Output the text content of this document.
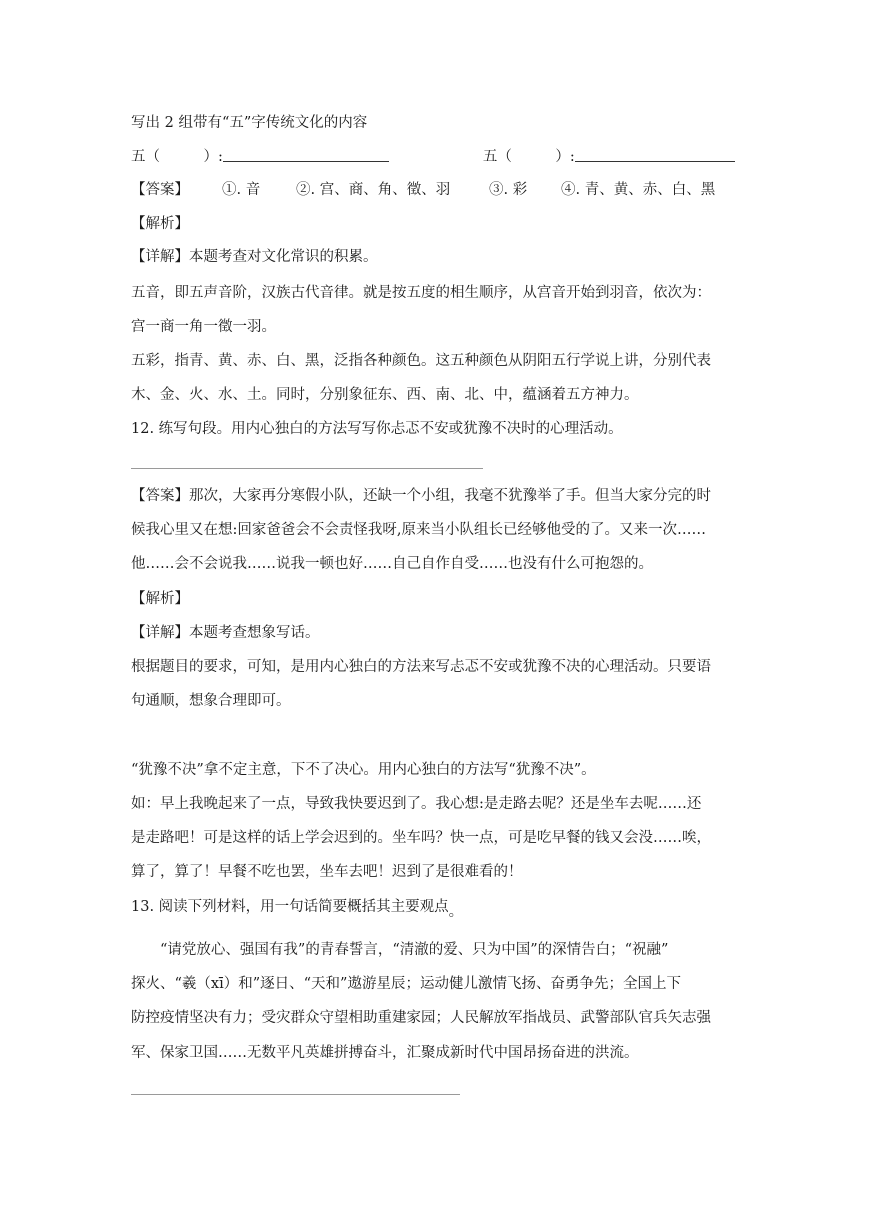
写出 2 组带有“五”字传统文化的内容
五（　　　）:	五（　　　）:
【答案】	①. 音	②. 宫、商、角、徵、羽	③. 彩	④. 青、黄、赤、白、黑
【解析】
【详解】本题考查对文化常识的积累。
五音，即五声音阶，汉族古代音律。就是按五度的相生顺序，从宫音开始到羽音，依次为：
宫一商一角一徵一羽。
五彩，指青、黄、赤、白、黑，泛指各种颜色。这五种颜色从阴阳五行学说上讲，分别代表
木、金、火、水、土。同时，分别象征东、西、南、北、中，蕴涵着五方神力。
12. 练写句段。用内心独白的方法写写你忐忑不安或犹豫不决时的心理活动。
【答案】那次，大家再分寒假小队，还缺一个小组，我毫不犹豫举了手。但当大家分完的时
候我心里又在想:回家爸爸会不会责怪我呀,原来当小队组长已经够他受的了。又来一次……
他……会不会说我……说我一顿也好……自己自作自受……也没有什么可抱怨的。
【解析】
【详解】本题考查想象写话。
根据题目的要求，可知，是用内心独白的方法来写忐忑不安或犹豫不决的心理活动。只要语
句通顺，想象合理即可。
“犹豫不决”拿不定主意，下不了决心。用内心独白的方法写“犹豫不决”。
如：早上我晚起来了一点，导致我快要迟到了。我心想:是走路去呢？还是坐车去呢……还
是走路吧！可是这样的话上学会迟到的。坐车吗？快一点，可是吃早餐的钱又会没……唉，
算了，算了！早餐不吃也罢，坐车去吧！迟到了是很难看的！
13. 阅读下列材料，用一句话简要概括其主要观点。
“请党放心、强国有我”的青春誓言，“清澈的爱、只为中国”的深情告白；“祝融”
探火、“羲（xī）和”逐日、“天和”遨游星辰；运动健儿激情飞扬、奋勇争先；全国上下
防控疫情坚决有力；受灾群众守望相助重建家园；人民解放军指战员、武警部队官兵矢志强
军、保家卫国……无数平凡英雄拼搏奋斗，汇聚成新时代中国昂扬奋进的洪流。
